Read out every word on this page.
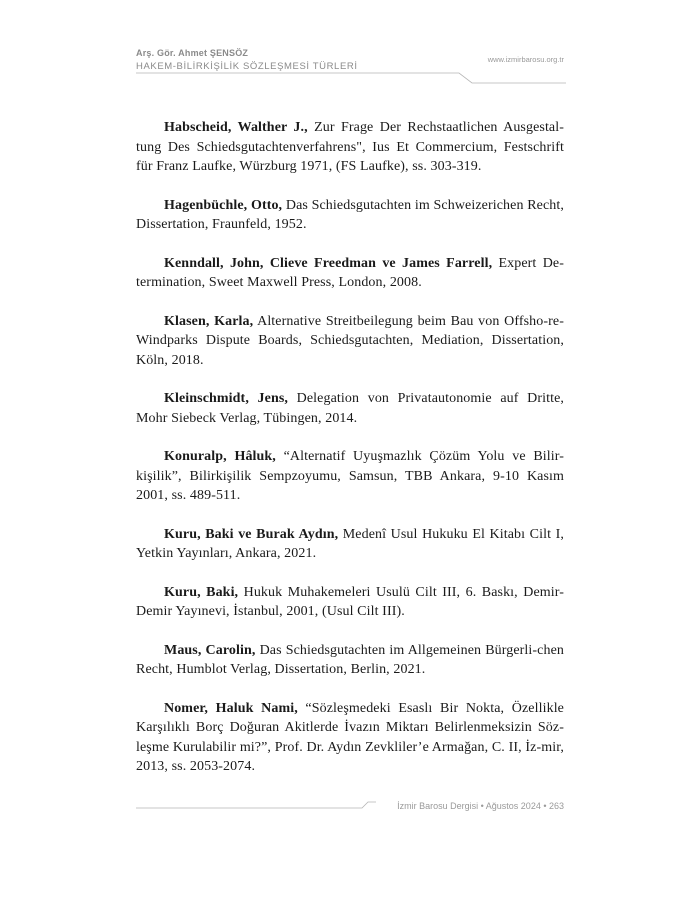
Arş. Gör. Ahmet ŞENSÖZ
HAKEM-BİLİRKİŞİLİK SÖZLEŞMESİ TÜRLERİ
www.izmirbarosu.org.tr

Habscheid, Walther J., Zur Frage Der Rechstaatlichen Ausgestal-tung Des Schiedsgutachtenverfahrens", Ius Et Commercium, Festschrift für Franz Laufke, Würzburg 1971, (FS Laufke), ss. 303-319.

Hagenbüchle, Otto, Das Schiedsgutachten im Schweizerichen Recht, Dissertation, Fraunfeld, 1952.

Kenndall, John, Clieve Freedman ve James Farrell, Expert De-termination, Sweet Maxwell Press, London, 2008.

Klasen, Karla, Alternative Streitbeilegung beim Bau von Offsho-re-Windparks Dispute Boards, Schiedsgutachten, Mediation, Dissertation, Köln, 2018.

Kleinschmidt, Jens, Delegation von Privatautonomie auf Dritte, Mohr Siebeck Verlag, Tübingen, 2014.

Konuralp, Hâluk, “Alternatif Uyuşmazlık Çözüm Yolu ve Bilir-kişilik”, Bilirkişilik Sempzoyumu, Samsun, TBB Ankara, 9-10 Kasım 2001, ss. 489-511.

Kuru, Baki ve Burak Aydın, Medenî Usul Hukuku El Kitabı Cilt I, Yetkin Yayınları, Ankara, 2021.

Kuru, Baki, Hukuk Muhakemeleri Usulü Cilt III, 6. Baskı, Demir-Demir Yayınevi, İstanbul, 2001, (Usul Cilt III).

Maus, Carolin, Das Schiedsgutachten im Allgemeinen Bürgerli-chen Recht, Humblot Verlag, Dissertation, Berlin, 2021.

Nomer, Haluk Nami, “Sözleşmedeki Esaslı Bir Nokta, Özellikle Karşılıklı Borç Doğuran Akitlerde İvazın Miktarı Belirlenmeksizin Söz-leşme Kurulabilir mi?”, Prof. Dr. Aydın Zevkliler’e Armağan, C. II, İz-mir, 2013, ss. 2053-2074.

İzmir Barosu Dergisi • Ağustos 2024 • 263
